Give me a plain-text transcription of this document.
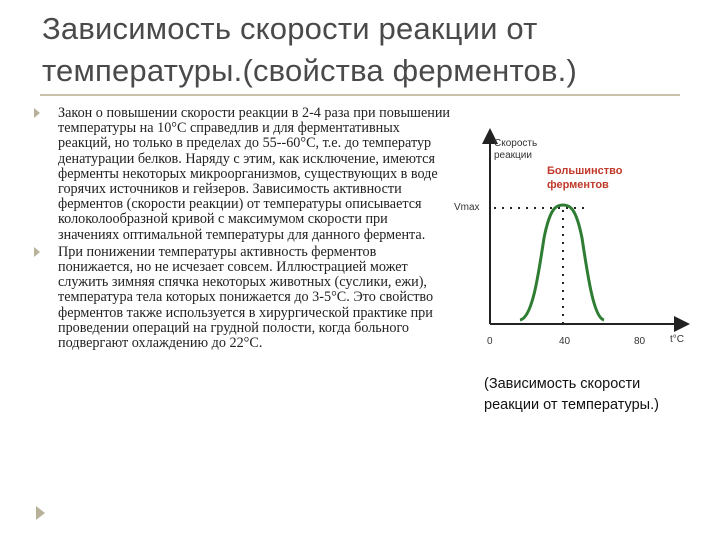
Зависимость скорости реакции от температуры.(свойства ферментов.)
Закон о повышении скорости реакции в 2-4 раза при повышении температуры на 10°С справедлив и для ферментативных реакций, но только в пределах до 55--60°С, т.е. до температур денатурации белков. Наряду с этим, как исключение, имеются ферменты некоторых микроорганизмов, существующих в воде горячих источников и гейзеров. Зависимость активности ферментов (скорости реакции) от температуры описывается колоколообразной кривой с максимумом скорости при значениях оптимальной температуры для данного фермента.
При понижении температуры активность ферментов понижается, но не исчезает совсем. Иллюстрацией может служить зимняя спячка некоторых животных (суслики, ежи), температура тела которых понижается до 3-5°С. Это свойство ферментов также используется в хирургической практике при проведении операций на грудной полости, когда больного подвергают охлаждению до 22°С.
Скорость
реакции
Vmax
Большинство
ферментов
0	40	80 t°C
(Зависимость скорости реакции от температуры.)
